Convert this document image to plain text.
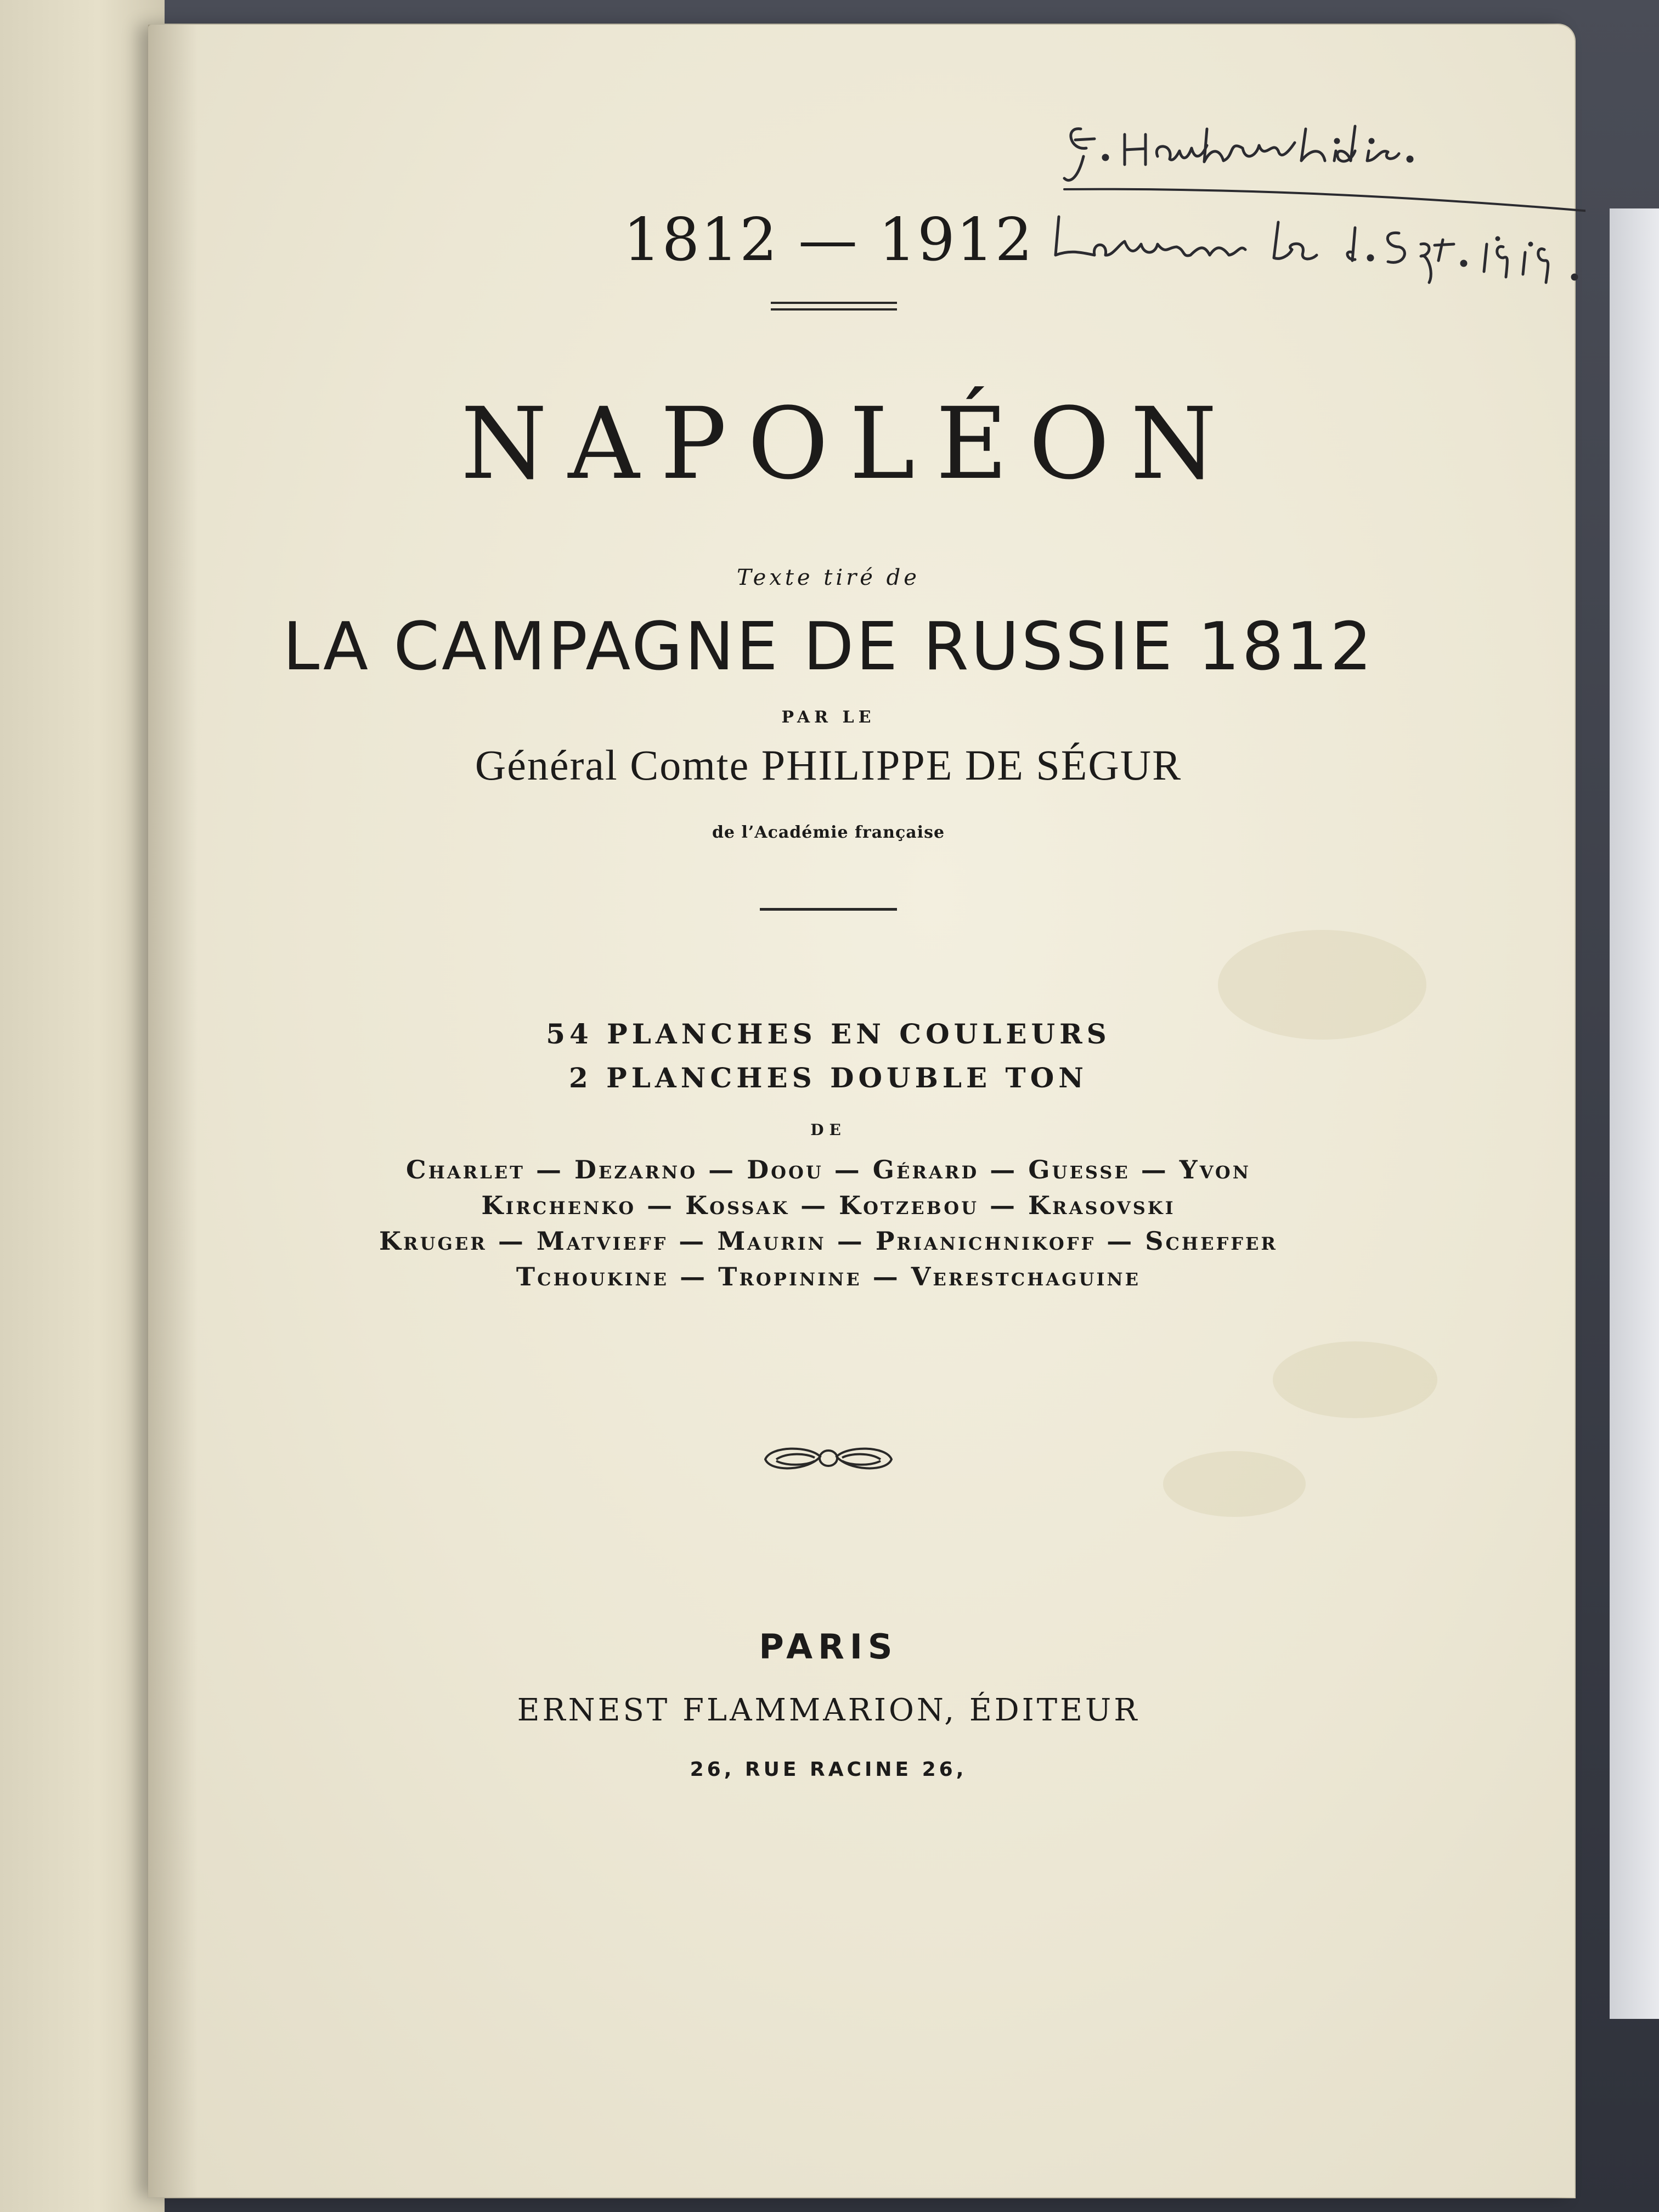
1812 — 1912
NAPOLÉON
Texte tiré de
LA CAMPAGNE DE RUSSIE 1812
PAR LE
Général Comte PHILIPPE DE SÉGUR
de l’Académie française
54 PLANCHES EN COULEURS
2 PLANCHES DOUBLE TON
DE
Charlet — Dezarno — Doou — Gérard — Guesse — Yvon
Kirchenko — Kossak — Kotzebou — Krasovski
Kruger — Matvieff — Maurin — Prianichnikoff — Scheffer
Tchoukine — Tropinine — Verestchaguine
PARIS
ERNEST FLAMMARION, ÉDITEUR
26, RUE RACINE 26,
